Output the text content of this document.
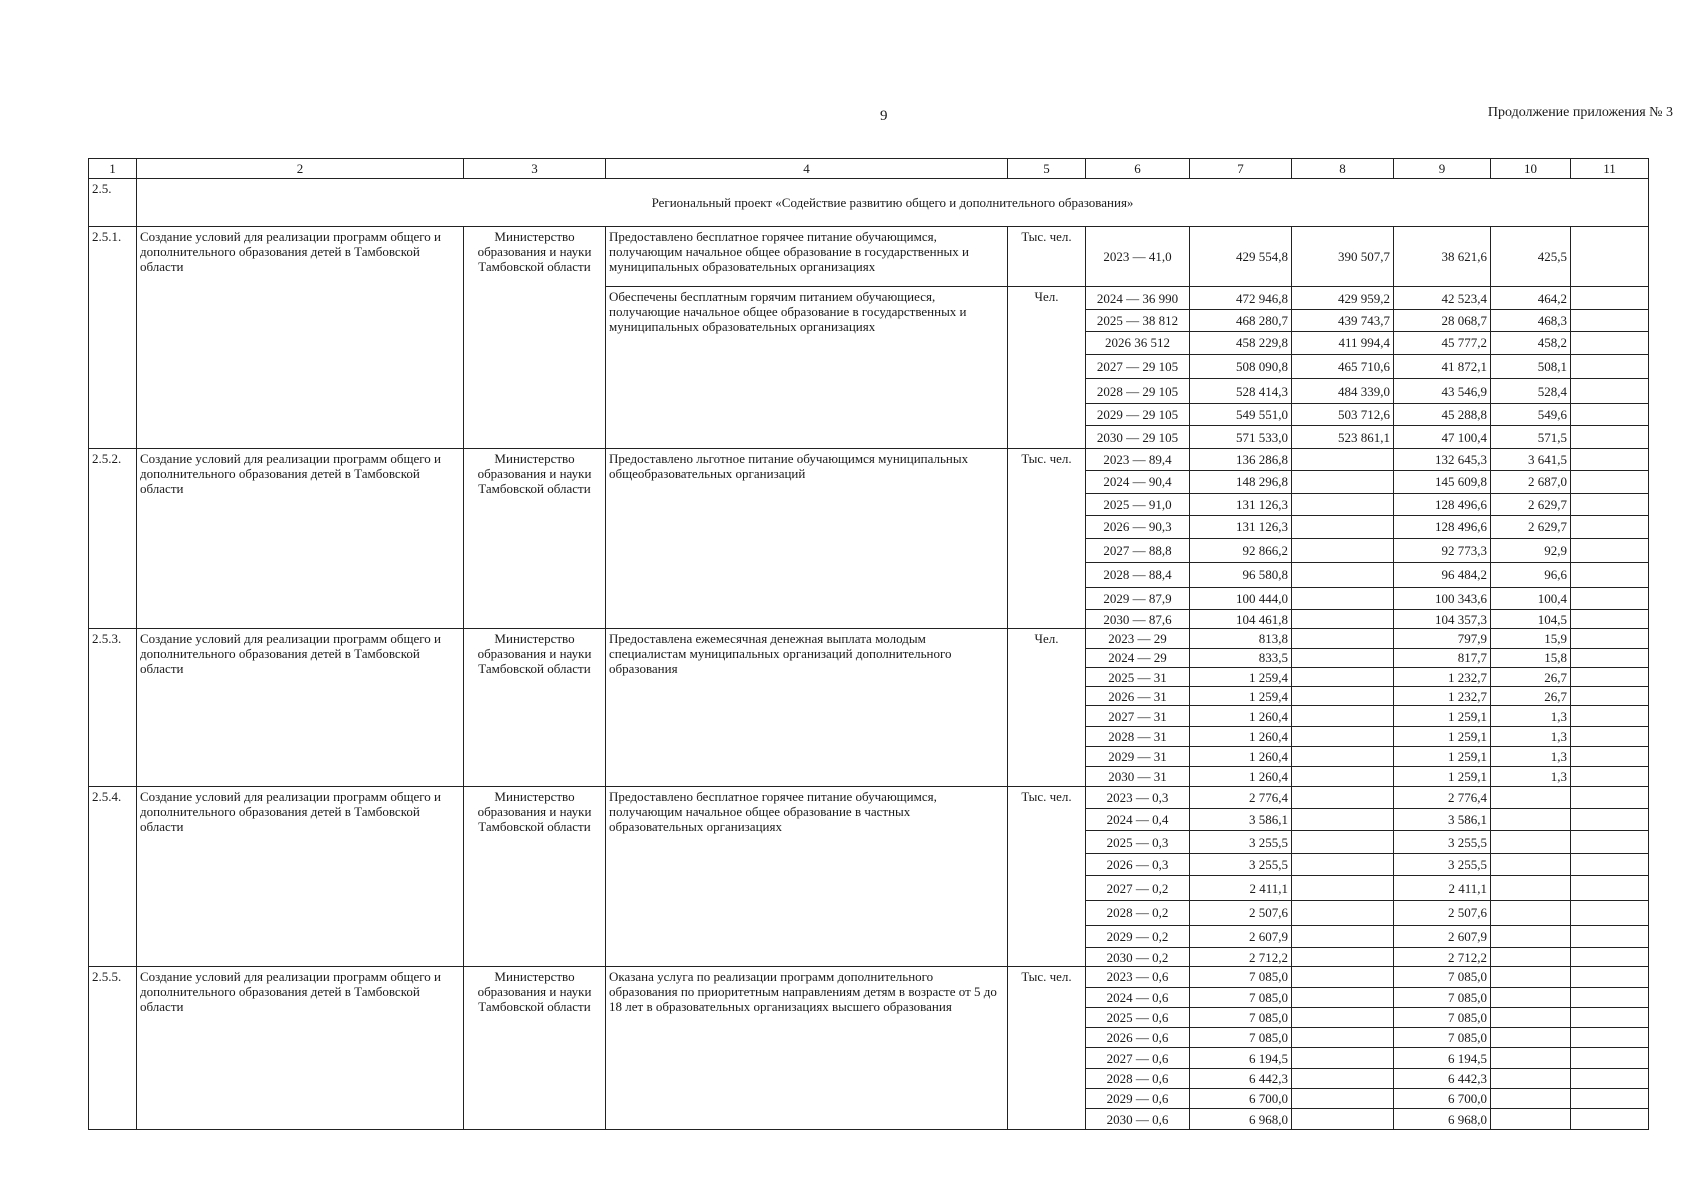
9	Продолжение приложения № 3
1	2	3	4	5	6	7	8	9	10	11
2.5.	Региональный проект «Содействие развитию общего и дополнительного образования»									
2.5.1.	Создание условий для реализации программ общего и дополнительного образования детей в Тамбовской области	Министерство образования и науки Тамбовской области	Предоставлено бесплатное горячее питание обучающимся, получающим начальное общее образование в государственных и муниципальных образовательных организациях	Тыс. чел.	2023 — 41,0	429 554,8	390 507,7	38 621,6	425,5	
			Обеспечены бесплатным горячим питанием обучающиеся, получающие начальное общее образование в государственных и муниципальных образовательных организациях	Чел.	2024 — 36 990	472 946,8	429 959,2	42 523,4	464,2	
					2025 — 38 812	468 280,7	439 743,7	28 068,7	468,3	
					2026 36 512	458 229,8	411 994,4	45 777,2	458,2	
					2027 — 29 105	508 090,8	465 710,6	41 872,1	508,1	
					2028 — 29 105	528 414,3	484 339,0	43 546,9	528,4	
					2029 — 29 105	549 551,0	503 712,6	45 288,8	549,6	
					2030 — 29 105	571 533,0	523 861,1	47 100,4	571,5	
2.5.2.	Создание условий для реализации программ общего и дополнительного образования детей в Тамбовской области	Министерство образования и науки Тамбовской области	Предоставлено льготное питание обучающимся муниципальных общеобразовательных организаций	Тыс. чел.	2023 — 89,4	136 286,8		132 645,3	3 641,5	
					2024 — 90,4	148 296,8		145 609,8	2 687,0	
					2025 — 91,0	131 126,3		128 496,6	2 629,7	
					2026 — 90,3	131 126,3		128 496,6	2 629,7	
					2027 — 88,8	92 866,2		92 773,3	92,9	
					2028 — 88,4	96 580,8		96 484,2	96,6	
					2029 — 87,9	100 444,0		100 343,6	100,4	
					2030 — 87,6	104 461,8		104 357,3	104,5	
2.5.3.	Создание условий для реализации программ общего и дополнительного образования детей в Тамбовской области	Министерство образования и науки Тамбовской области	Предоставлена ежемесячная денежная выплата молодым специалистам муниципальных организаций дополнительного образования	Чел.	2023 — 29	813,8		797,9	15,9	
					2024 — 29	833,5		817,7	15,8	
					2025 — 31	1 259,4		1 232,7	26,7	
					2026 — 31	1 259,4		1 232,7	26,7	
					2027 — 31	1 260,4		1 259,1	1,3	
					2028 — 31	1 260,4		1 259,1	1,3	
					2029 — 31	1 260,4		1 259,1	1,3	
					2030 — 31	1 260,4		1 259,1	1,3	
2.5.4.	Создание условий для реализации программ общего и дополнительного образования детей в Тамбовской области	Министерство образования и науки Тамбовской области	Предоставлено бесплатное горячее питание обучающимся, получающим начальное общее образование в частных образовательных организациях	Тыс. чел.	2023 — 0,3	2 776,4		2 776,4		
					2024 — 0,4	3 586,1		3 586,1		
					2025 — 0,3	3 255,5		3 255,5		
					2026 — 0,3	3 255,5		3 255,5		
					2027 — 0,2	2 411,1		2 411,1		
					2028 — 0,2	2 507,6		2 507,6		
					2029 — 0,2	2 607,9		2 607,9		
					2030 — 0,2	2 712,2		2 712,2		
2.5.5.	Создание условий для реализации программ общего и дополнительного образования детей в Тамбовской области	Министерство образования и науки Тамбовской области	Оказана услуга по реализации программ дополнительного образования по приоритетным направлениям детям в возрасте от 5 до 18 лет в образовательных организациях высшего образования	Тыс. чел.	2023 — 0,6	7 085,0		7 085,0		
					2024 — 0,6	7 085,0		7 085,0		
					2025 — 0,6	7 085,0		7 085,0		
					2026 — 0,6	7 085,0		7 085,0		
					2027 — 0,6	6 194,5		6 194,5		
					2028 — 0,6	6 442,3		6 442,3		
					2029 — 0,6	6 700,0		6 700,0		
					2030 — 0,6	6 968,0		6 968,0		
